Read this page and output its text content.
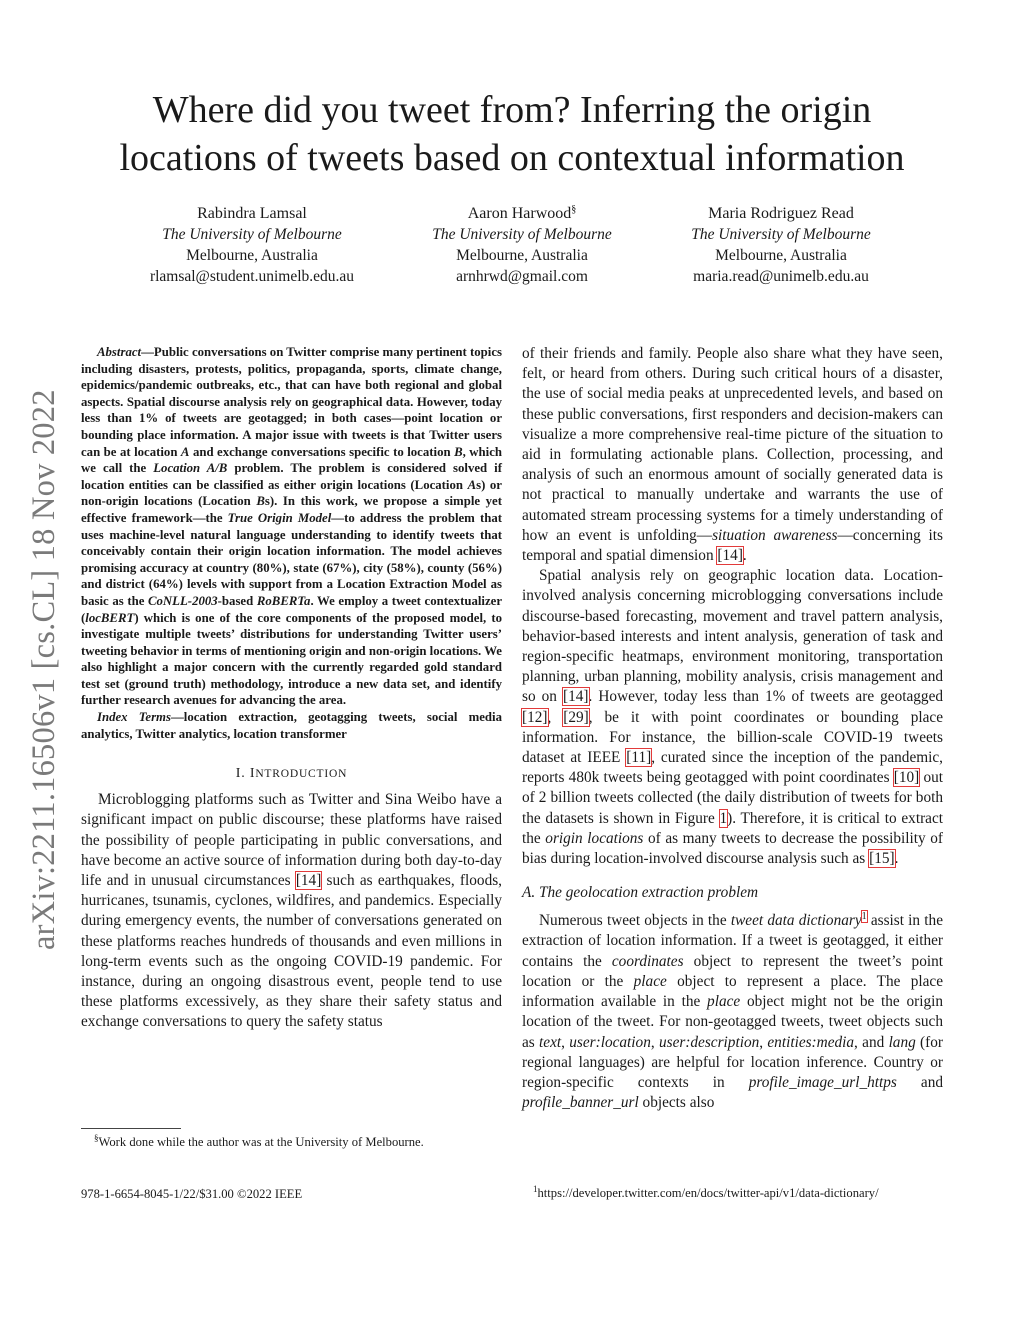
Where did you tweet from? Inferring the origin
locations of tweets based on contextual information
Rabindra Lamsal
The University of Melbourne
Melbourne, Australia
rlamsal@student.unimelb.edu.au
Aaron Harwood§
The University of Melbourne
Melbourne, Australia
arnhrwd@gmail.com
Maria Rodriguez Read
The University of Melbourne
Melbourne, Australia
maria.read@unimelb.edu.au
arXiv:2211.16506v1 [cs.CL] 18 Nov 2022

Abstract—Public conversations on Twitter comprise many pertinent topics including disasters, protests, politics, propaganda, sports, climate change, epidemics/pandemic outbreaks, etc., that can have both regional and global aspects. Spatial discourse analysis rely on geographical data. However, today less than 1% of tweets are geotagged; in both cases—point location or bounding place information. A major issue with tweets is that Twitter users can be at location A and exchange conversations specific to location B, which we call the Location A/B problem. The problem is considered solved if location entities can be classified as either origin locations (Location As) or non-origin locations (Location Bs). In this work, we propose a simple yet effective framework—the True Origin Model—to address the problem that uses machine-level natural language understanding to identify tweets that conceivably contain their origin location information. The model achieves promising accuracy at country (80%), state (67%), city (58%), county (56%) and district (64%) levels with support from a Location Extraction Model as basic as the CoNLL-2003-based RoBERTa. We employ a tweet contextualizer (locBERT) which is one of the core components of the proposed model, to investigate multiple tweets’ distributions for understanding Twitter users’ tweeting behavior in terms of mentioning origin and non-origin locations. We also highlight a major concern with the currently regarded gold standard test set (ground truth) methodology, introduce a new data set, and identify further research avenues for advancing the area.

Index Terms—location extraction, geotagging tweets, social media analytics, Twitter analytics, location transformer

I. INTRODUCTION

Microblogging platforms such as Twitter and Sina Weibo have a significant impact on public discourse; these platforms have raised the possibility of people participating in public conversations, and have become an active source of information during both day-to-day life and in unusual circumstances [14] such as earthquakes, floods, hurricanes, tsunamis, cyclones, wildfires, and pandemics. Especially during emergency events, the number of conversations generated on these platforms reaches hundreds of thousands and even millions in long-term events such as the ongoing COVID-19 pandemic. For instance, during an ongoing disastrous event, people tend to use these platforms excessively, as they share their safety status and exchange conversations to query the safety status

§Work done while the author was at the University of Melbourne.
978-1-6654-8045-1/22/$31.00 ©2022 IEEE

of their friends and family. People also share what they have seen, felt, or heard from others. During such critical hours of a disaster, the use of social media peaks at unprecedented levels, and based on these public conversations, first responders and decision-makers can visualize a more comprehensive real-time picture of the situation to aid in formulating actionable plans. Collection, processing, and analysis of such an enormous amount of socially generated data is not practical to manually undertake and warrants the use of automated stream processing systems for a timely understanding of how an event is unfolding—situation awareness—concerning its temporal and spatial dimension [14].

Spatial analysis rely on geographic location data. Location-involved analysis concerning microblogging conversations include discourse-based forecasting, movement and travel pattern analysis, behavior-based interests and intent analysis, generation of task and region-specific heatmaps, environment monitoring, transportation planning, urban planning, mobility analysis, crisis management and so on [14]. However, today less than 1% of tweets are geotagged [12], [29], be it with point coordinates or bounding place information. For instance, the billion-scale COVID-19 tweets dataset at IEEE [11], curated since the inception of the pandemic, reports 480k tweets being geotagged with point coordinates [10] out of 2 billion tweets collected (the daily distribution of tweets for both the datasets is shown in Figure 1). Therefore, it is critical to extract the origin locations of as many tweets to decrease the possibility of bias during location-involved discourse analysis such as [15].

A. The geolocation extraction problem

Numerous tweet objects in the tweet data dictionary$^1$ assist in the extraction of location information. If a tweet is geotagged, it either contains the coordinates object to represent the tweet’s point location or the place object to represent a place. The place information available in the place object might not be the origin location of the tweet. For non-geotagged tweets, tweet objects such as text, user:location, user:description, entities:media, and lang (for regional languages) are helpful for location inference. Country or region-specific contexts in profile_image_url_https and profile_banner_url objects also

$^1$https://developer.twitter.com/en/docs/twitter-api/v1/data-dictionary/
